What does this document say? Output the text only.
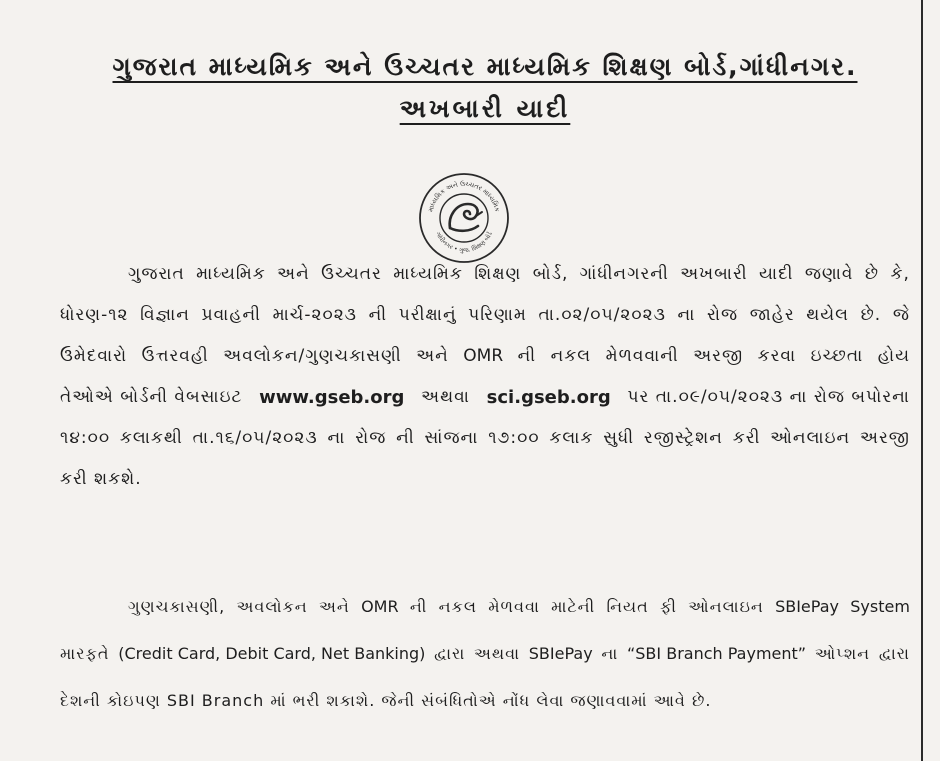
ગુજરાત માધ્યમિક અને ઉચ્ચતર માધ્યમિક શિક્ષણ બોર્ડ,ગાંધીનગર.
અખબારી યાદી
માધ્યમિક અને ઉચ્ચતર માધ્યમિક
ગાંધીનગર • ગુજ. શિક્ષણ બોર્ડ
ગુજરાત માધ્યમિક અને ઉચ્ચતર માધ્યમિક શિક્ષણ બોર્ડ, ગાંધીનગરની અખબારી યાદી જણાવે છે કે,
ધોરણ-૧૨ વિજ્ઞાન પ્રવાહની માર્ચ-૨૦૨૩ ની પરીક્ષાનું પરિણામ તા.૦૨/૦૫/૨૦૨૩ ના રોજ જાહેર થયેલ છે. જે
ઉમેદવારો ઉત્તરવહી અવલોકન/ગુણચકાસણી અને OMR ની નકલ મેળવવાની અરજી કરવા ઇચ્છતા હોય
તેઓએ બોર્ડની વેબસાઇટ www.gseb.org અથવા sci.gseb.org પર તા.૦૯/૦૫/૨૦૨૩ ના રોજ બપોરના
૧૪:૦૦ કલાકથી તા.૧૬/૦૫/૨૦૨૩ ના રોજ ની સાંજના ૧૭:૦૦ કલાક સુધી રજીસ્ટ્રેશન કરી ઓનલાઇન અરજી
કરી શકશે.
ગુણચકાસણી, અવલોકન અને OMR ની નકલ મેળવવા માટેની નિયત ફી ઓનલાઇન SBIePay System
મારફતે (Credit Card, Debit Card, Net Banking) દ્વારા અથવા SBIePay ના “SBI Branch Payment” ઓપ્શન દ્વારા
દેશની કોઇપણ SBI Branch માં ભરી શકાશે. જેની સંબંધિતોએ નોંધ લેવા જણાવવામાં આવે છે.
